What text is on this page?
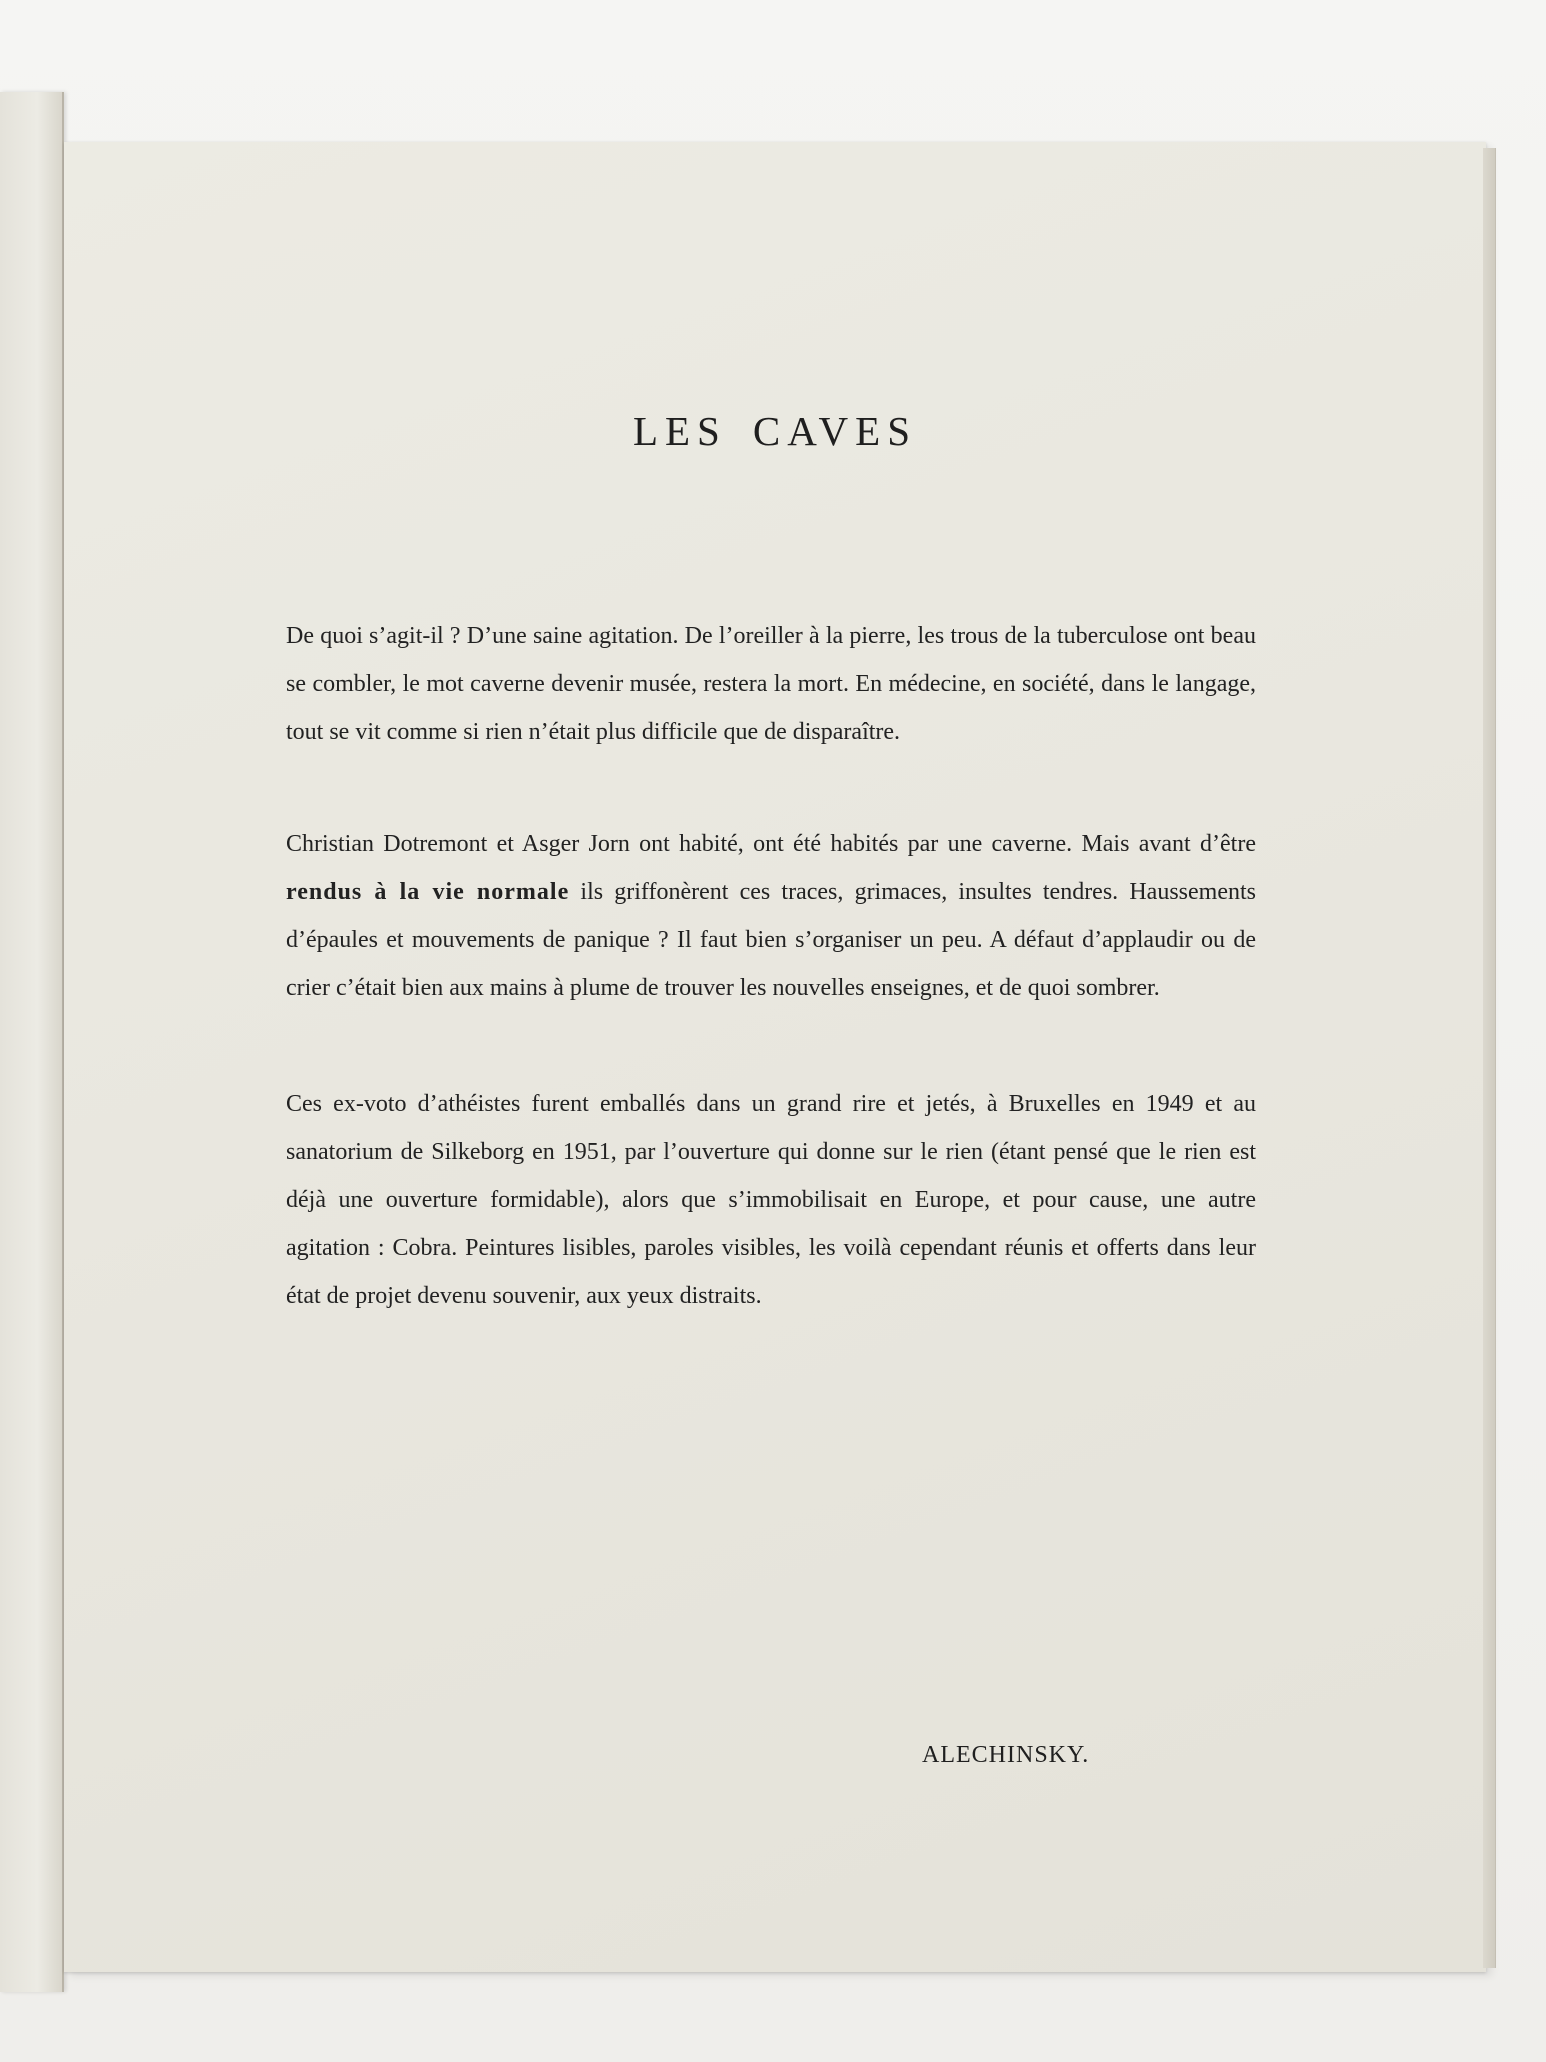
LES CAVES

De quoi s’agit-il ? D’une saine agitation. De l’oreiller à la pierre, les trous de la tuberculose ont beau se combler, le mot caverne devenir musée, restera la mort. En médecine, en société, dans le langage, tout se vit comme si rien n’était plus difficile que de disparaître.

Christian Dotremont et Asger Jorn ont habité, ont été habités par une caverne. Mais avant d’être rendus à la vie normale ils griffonèrent ces traces, grimaces, insultes tendres. Haussements d’épaules et mouvements de panique ? Il faut bien s’organiser un peu. A défaut d’applaudir ou de crier c’était bien aux mains à plume de trouver les nouvelles enseignes, et de quoi sombrer.

Ces ex-voto d’athéistes furent emballés dans un grand rire et jetés, à Bruxelles en 1949 et au sanatorium de Silkeborg en 1951, par l’ouverture qui donne sur le rien (étant pensé que le rien est déjà une ouverture formidable), alors que s’immobilisait en Europe, et pour cause, une autre agitation : Cobra. Peintures lisibles, paroles visibles, les voilà cependant réunis et offerts dans leur état de projet devenu souvenir, aux yeux distraits.

ALECHINSKY.
